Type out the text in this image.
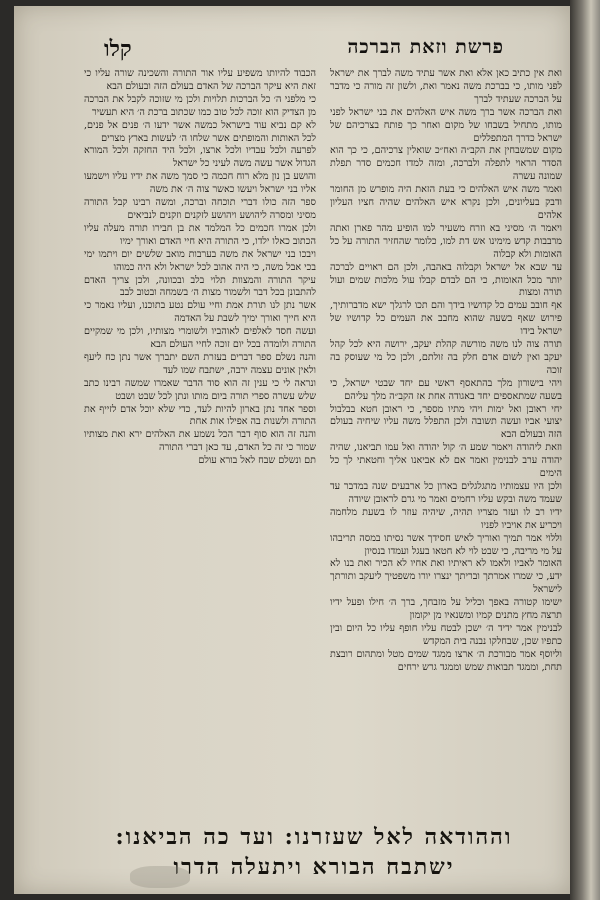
פרשת וזאת הברכה
קלו

ואת אין כתיב כאן אלא ואת אשר עתיד משה לברך את ישראל לפני מותו, כי בברכת משה נאמר ואת, ולשון זה מורה כי מדבר על הברכה שעתיד לברך

ואת הברכה אשר ברך משה איש האלהים את בני ישראל לפני מותו, מתחיל בשבחו של מקום ואחר כך פותח בצרכיהם של ישראל כדרך המתפללים

מקום שמשבחין את הקב״ה ואח״כ שואלין צרכיהם, כי כך הוא הסדר הראוי לתפלה ולברכה, ומזה למדו חכמים סדר תפלת שמונה עשרה

ואמר משה איש האלהים כי בעת הזאת היה מופרש מן החומר ודבק בעליונים, ולכן נקרא איש האלהים שהיה חציו העליון אלהים

ויאמר ה׳ מסיני בא וזרח משעיר למו הופיע מהר פארן ואתה מרבבות קדש מימינו אש דת למו, כלומר שהחזיר התורה על כל האומות ולא קבלוה

עד שבא אל ישראל וקבלוה באהבה, ולכן הם ראויים לברכה יותר מכל האומות, כי הם לבדם קבלו עול מלכות שמים ועול תורה ומצות

אף חובב עמים כל קדושיו בידך והם תכו לרגלך ישא מדברותיך, פירוש שאף בשעה שהוא מחבב את העמים כל קדושיו של ישראל בידו

תורה צוה לנו משה מורשה קהלת יעקב, ירושה היא לכל קהל יעקב ואין לשום אדם חלק בה זולתם, ולכן כל מי שעוסק בה זוכה

ויהי בישורון מלך בהתאסף ראשי עם יחד שבטי ישראל, כי בשעה שמתאספים יחד באגודה אחת אז הקב״ה מלך עליהם

יחי ראובן ואל ימות ויהי מתיו מספר, כי ראובן חטא בבלבול יצועי אביו ועשה תשובה ולכן התפלל משה עליו שיחיה בעולם הזה ובעולם הבא

וזאת ליהודה ויאמר שמע ה׳ קול יהודה ואל עמו תביאנו, שהיה יהודה ערב לבנימין ואמר אם לא אביאנו אליך וחטאתי לך כל הימים

ולכן היו עצמותיו מתגלגלים בארון כל ארבעים שנה במדבר עד שעמד משה ובקש עליו רחמים ואמר מי גרם לראובן שיודה

ידיו רב לו ועזר מצריו תהיה, שיהיה עוזר לו בשעת מלחמה ויכריע את אויביו לפניו

וללוי אמר תמיך ואוריך לאיש חסידך אשר נסיתו במסה תריבהו על מי מריבה, כי שבט לוי לא חטאו בעגל ועמדו בנסיון

האומר לאביו ולאמו לא ראיתיו ואת אחיו לא הכיר ואת בנו לא ידע, כי שמרו אמרתך ובריתך ינצרו יורו משפטיך ליעקב ותורתך לישראל

ישימו קטורה באפך וכליל על מזבחך, ברך ה׳ חילו ופעל ידיו תרצה מחץ מתנים קמיו ומשנאיו מן יקומון

לבנימין אמר ידיד ה׳ ישכן לבטח עליו חופף עליו כל היום ובין כתפיו שכן, שבחלקו נבנה בית המקדש

וליוסף אמר מבורכת ה׳ ארצו ממגד שמים מטל ומתהום רובצת תחת, וממגד תבואות שמש וממגד גרש ירחים

הכבוד להיותו משפיע עליו אור התורה והשכינה שורה עליו כי זאת היא עיקר הברכה של האדם בעולם הזה ובעולם הבא

כי מלפני ה׳ כל הברכות תלויות ולכן מי שזוכה לקבל את הברכה מן הצדיק הוא זוכה לכל טוב כמו שכתוב ברכת ה׳ היא תעשיר

לא קם נביא עוד בישראל כמשה אשר ידעו ה׳ פנים אל פנים, לכל האותות והמופתים אשר שלחו ה׳ לעשות בארץ מצרים

לפרעה ולכל עבדיו ולכל ארצו, ולכל היד החזקה ולכל המורא הגדול אשר עשה משה לעיני כל ישראל

והושע בן נון מלא רוח חכמה כי סמך משה את ידיו עליו וישמעו אליו בני ישראל ויעשו כאשר צוה ה׳ את משה

ספר הזה כולו דברי תוכחה וברכה, ומשה רבינו קבל התורה מסיני ומסרה ליהושע ויהושע לזקנים וזקנים לנביאים

ולכן אמרו חכמים כל המלמד את בן חבירו תורה מעלה עליו הכתוב כאלו ילדו, כי התורה היא חיי האדם ואורך ימיו

ויבכו בני ישראל את משה בערבות מואב שלשים יום ויתמו ימי בכי אבל משה, כי היה אהוב לכל ישראל ולא היה כמוהו

עיקר התורה והמצוות תלוי בלב ובכוונה, ולכן צריך האדם להתבונן בכל דבר ולשמור מצות ה׳ בשמחה ובטוב לבב

אשר נתן לנו תורת אמת וחיי עולם נטע בתוכנו, ועליו נאמר כי היא חייך ואורך ימיך לשבת על האדמה

ועשה חסד לאלפים לאוהביו ולשומרי מצותיו, ולכן מי שמקיים התורה ולומדה בכל יום זוכה לחיי העולם הבא

והנה נשלם ספר דברים בעזרת השם יתברך אשר נתן כח ליעף ולאין אונים עצמה ירבה, ישתבח שמו לעד

ונראה לי כי ענין זה הוא סוד הדבר שאמרו שמשה רבינו כתב שלש עשרה ספרי תורה ביום מותו ונתן לכל שבט ושבט

וספר אחד נתן בארון להיות לעד, כדי שלא יוכל אדם לזייף את התורה ולשנות בה אפילו אות אחת

והנה זה הוא סוף דבר הכל נשמע את האלהים ירא ואת מצותיו שמור כי זה כל האדם, עד כאן דברי התורה

תם ונשלם שבח לאל בורא עולם

וההודאה לאל שעזרנו: ועד כה הביאנו:
ישתבח הבורא ויתעלה הדרו
